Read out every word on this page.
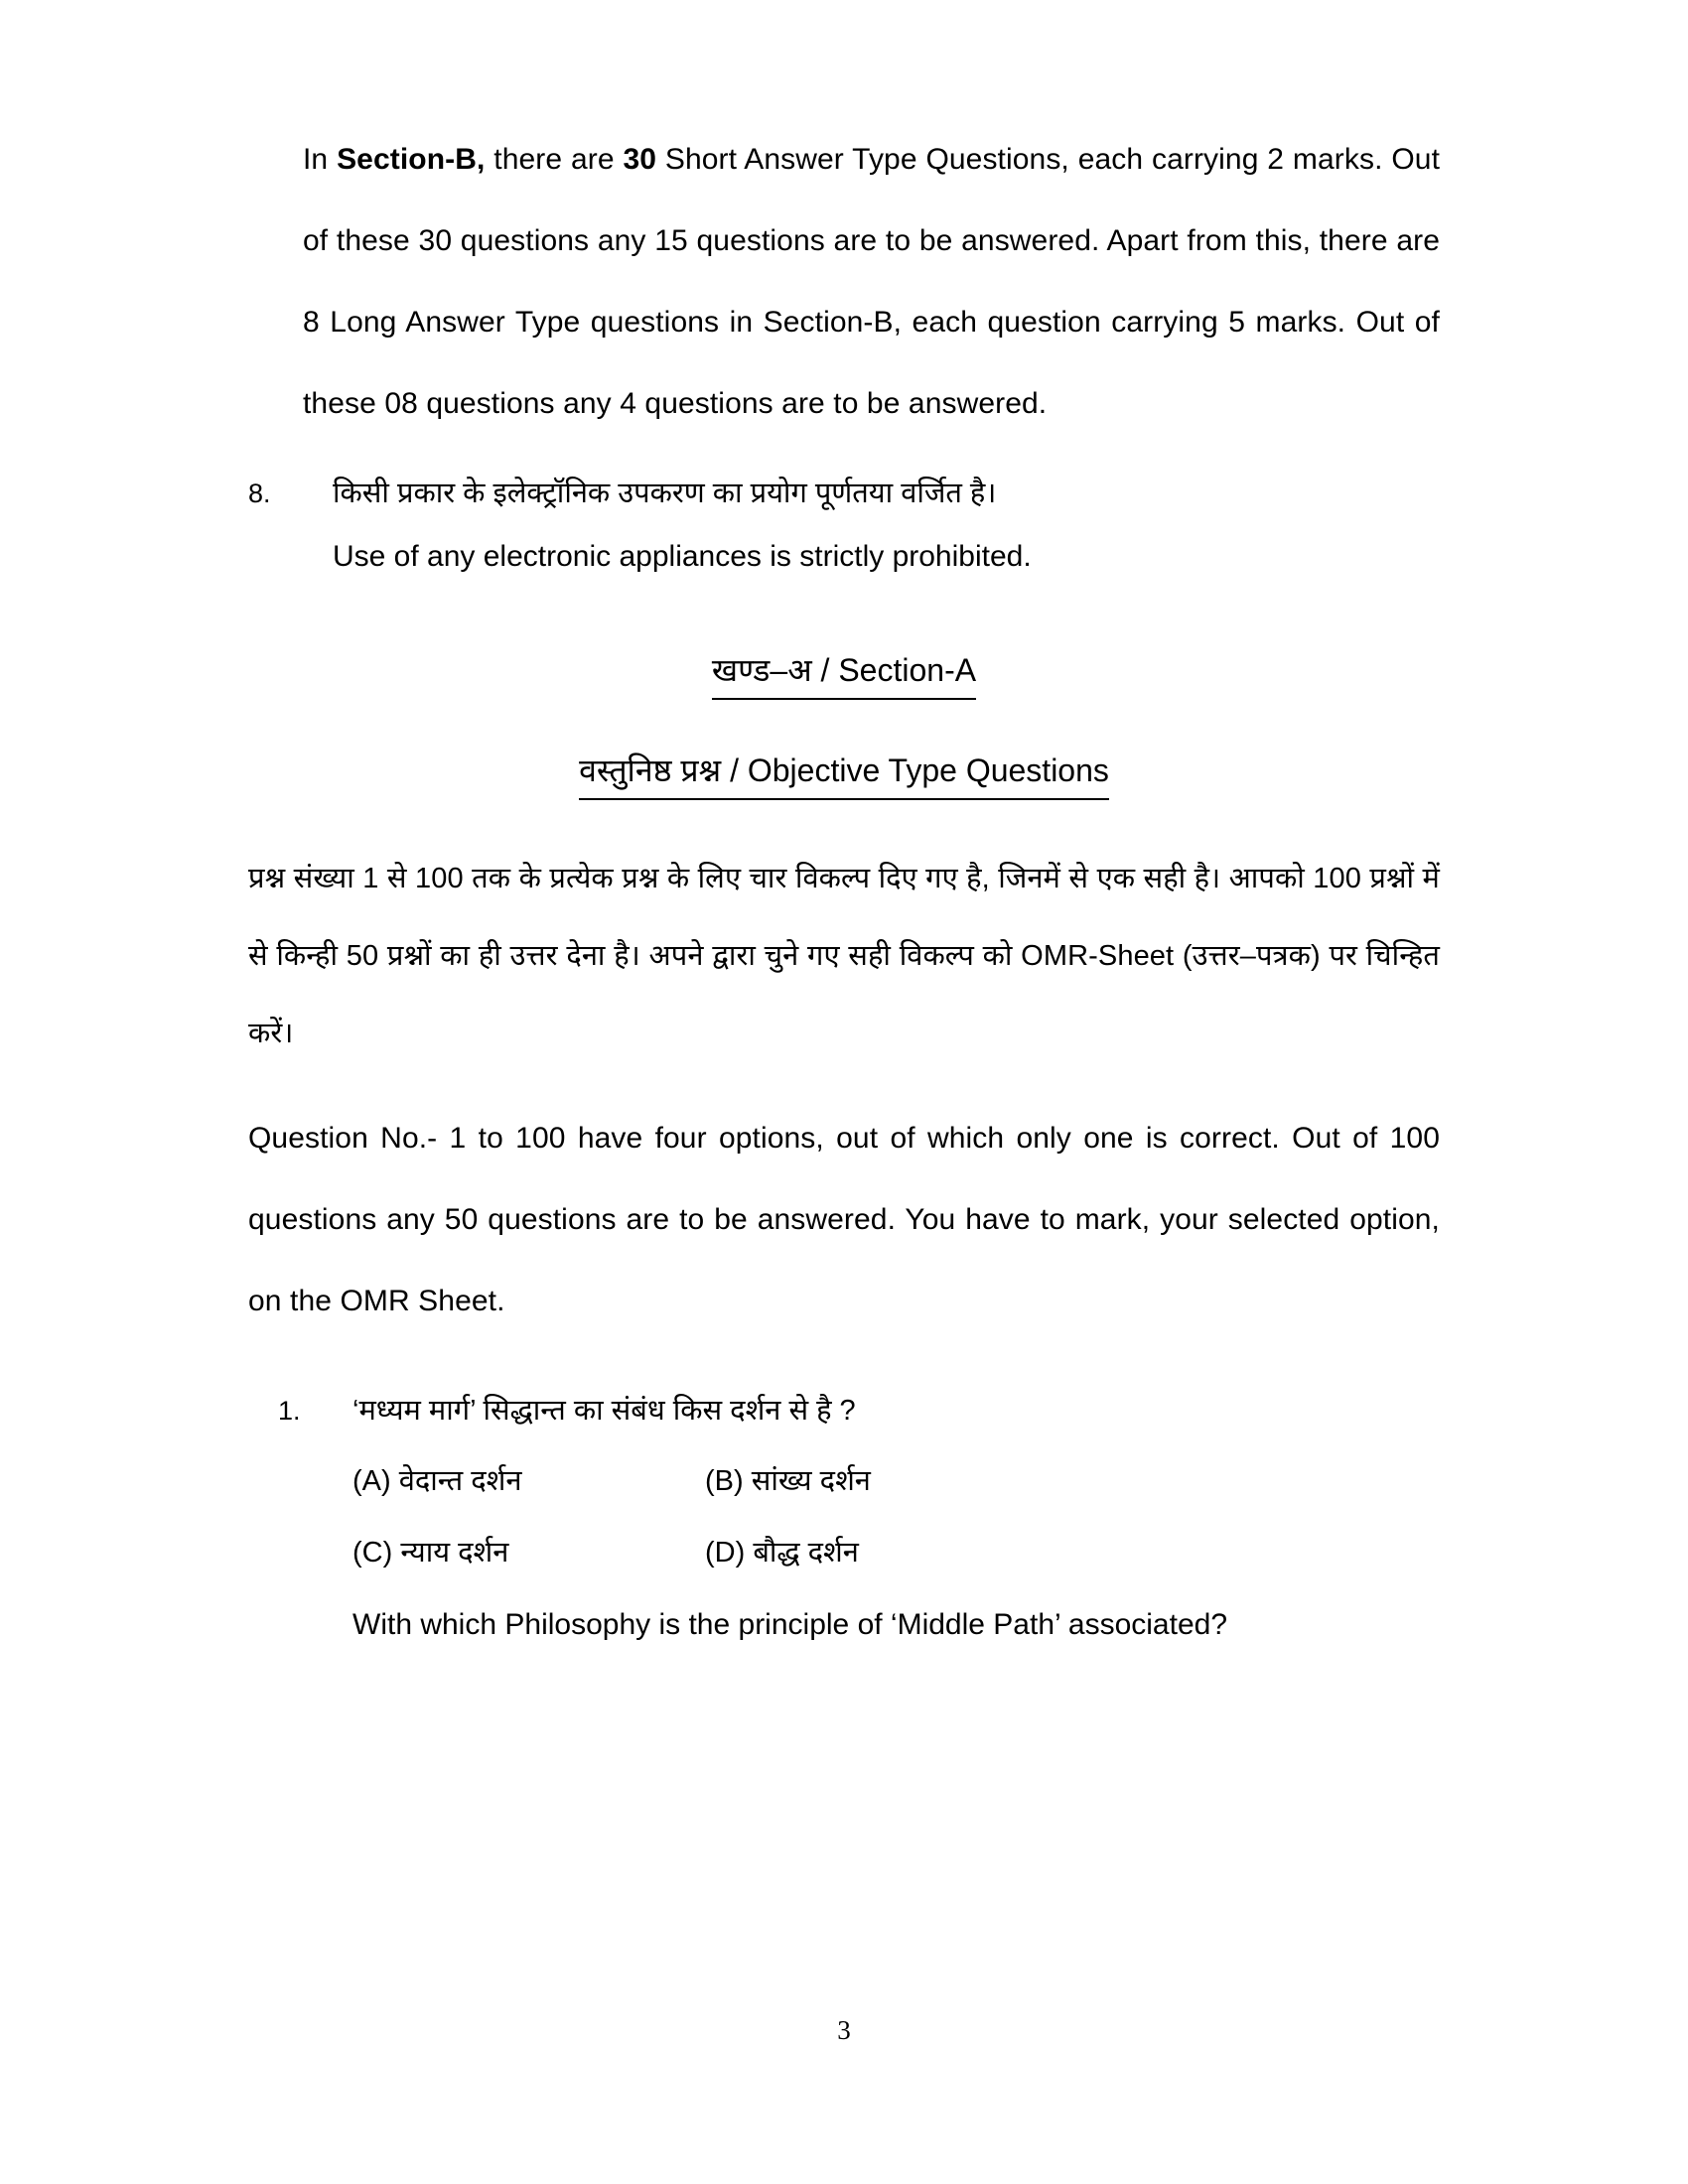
In Section-B, there are 30 Short Answer Type Questions, each carrying 2 marks. Out of these 30 questions any 15 questions are to be answered. Apart from this, there are 8 Long Answer Type questions in Section-B, each question carrying 5 marks. Out of these 08 questions any 4 questions are to be answered.
8. किसी प्रकार के इलेक्ट्रॉनिक उपकरण का प्रयोग पूर्णतया वर्जित है।
Use of any electronic appliances is strictly prohibited.
खण्ड–अ / Section-A
वस्तुनिष्ठ प्रश्न / Objective Type Questions
प्रश्न संख्या 1 से 100 तक के प्रत्येक प्रश्न के लिए चार विकल्प दिए गए है, जिनमें से एक सही है। आपको 100 प्रश्नों में से किन्ही 50 प्रश्नों का ही उत्तर देना है। अपने द्वारा चुने गए सही विकल्प को OMR-Sheet (उत्तर–पत्रक) पर चिन्हित करें।
Question No.- 1 to 100 have four options, out of which only one is correct. Out of 100 questions any 50 questions are to be answered. You have to mark, your selected option, on the OMR Sheet.
1. ‘मध्यम मार्ग’ सिद्धान्त का संबंध किस दर्शन से है ?
(A) वेदान्त दर्शन	(B) सांख्य दर्शन
(C) न्याय दर्शन	(D) बौद्ध दर्शन
With which Philosophy is the principle of ‘Middle Path’ associated?
3
